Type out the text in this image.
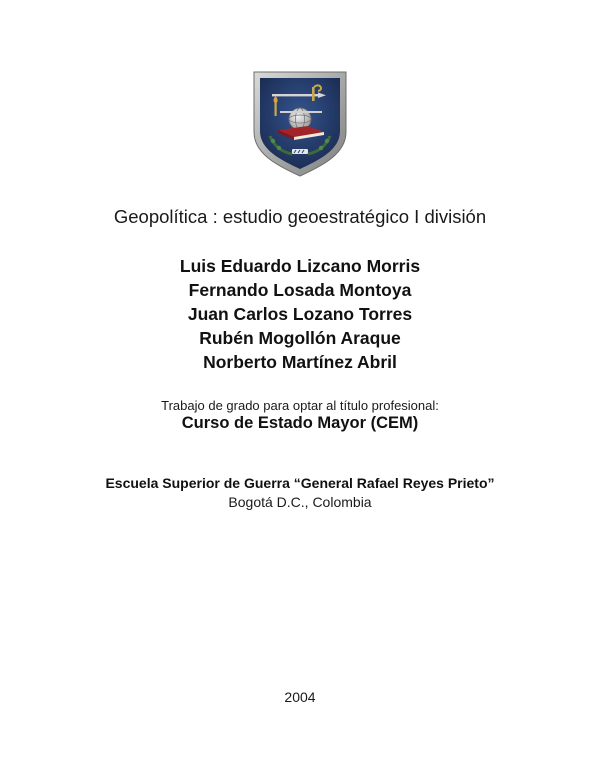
Geopolítica : estudio geoestratégico I división
Luis Eduardo Lizcano Morris
Fernando Losada Montoya
Juan Carlos Lozano Torres
Rubén Mogollón Araque
Norberto Martínez Abril
Trabajo de grado para optar al título profesional:
Curso de Estado Mayor (CEM)
Escuela Superior de Guerra “General Rafael Reyes Prieto”
Bogotá D.C., Colombia
2004
